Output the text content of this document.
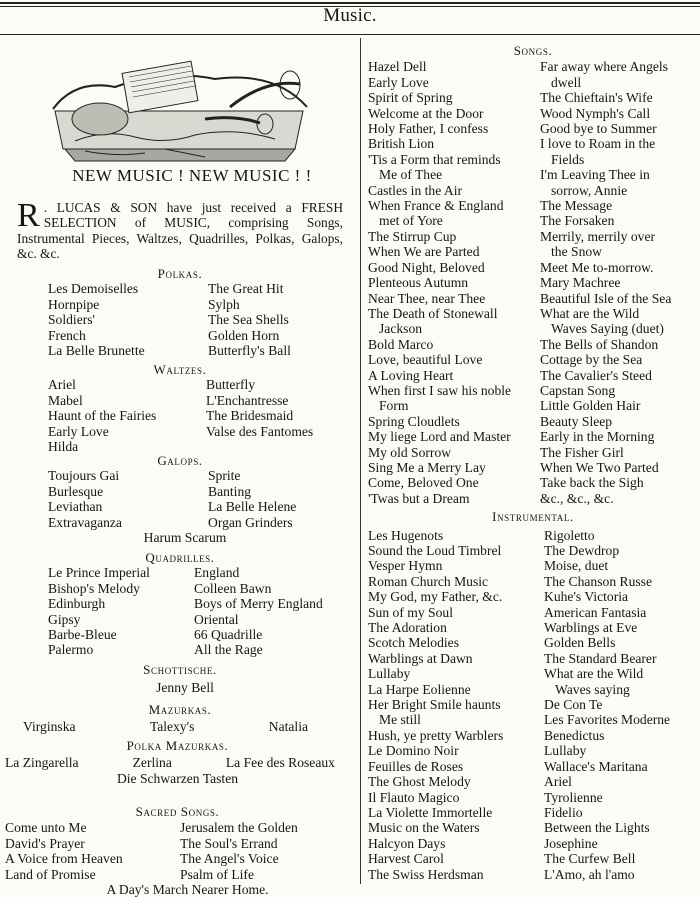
Music.
NEW MUSIC ! NEW MUSIC ! !
R . LUCAS & SON have just received a FRESH SELECTION of MUSIC, comprising Songs, Instrumental Pieces, Waltzes, Quadrilles, Polkas, Galops, &c. &c.
Polkas.
Les Demoiselles	The Great Hit
Hornpipe	Sylph
Soldiers'	The Sea Shells
French	Golden Horn
La Belle Brunette	Butterfly's Ball
Waltzes.
Ariel	Butterfly
Mabel	L'Enchantresse
Haunt of the Fairies	The Bridesmaid
Early Love	Valse des Fantomes
Hilda
Galops.
Toujours Gai	Sprite
Burlesque	Banting
Leviathan	La Belle Helene
Extravaganza	Organ Grinders
Harum Scarum
Quadrilles.
Le Prince Imperial	England
Bishop's Melody	Colleen Bawn
Edinburgh	Boys of Merry England
Gipsy	Oriental
Barbe-Bleue	66 Quadrille
Palermo	All the Rage
Schottische.
Jenny Bell
Mazurkas.
Virginska	Talexy's	Natalia
Polka Mazurkas.
La Zingarella	Zerlina	La Fee des Roseaux
Die Schwarzen Tasten
Sacred Songs.
Come unto Me	Jerusalem the Golden
David's Prayer	The Soul's Errand
A Voice from Heaven	The Angel's Voice
Land of Promise	Psalm of Life
A Day's March Nearer Home.
Songs.
Hazel Dell
Early Love
Spirit of Spring
Welcome at the Door
Holy Father, I confess
British Lion
'Tis a Form that reminds
Me of Thee
Castles in the Air
When France & England
met of Yore
The Stirrup Cup
When We are Parted
Good Night, Beloved
Plenteous Autumn
Near Thee, near Thee
The Death of Stonewall
Jackson
Bold Marco
Love, beautiful Love
A Loving Heart
When first I saw his noble
Form
Spring Cloudlets
My liege Lord and Master
My old Sorrow
Sing Me a Merry Lay
Come, Beloved One
'Twas but a Dream
Far away where Angels
dwell
The Chieftain's Wife
Wood Nymph's Call
Good bye to Summer
I love to Roam in the
Fields
I'm Leaving Thee in
sorrow, Annie
The Message
The Forsaken
Merrily, merrily over
the Snow
Meet Me to-morrow.
Mary Machree
Beautiful Isle of the Sea
What are the Wild
Waves Saying (duet)
The Bells of Shandon
Cottage by the Sea
The Cavalier's Steed
Capstan Song
Little Golden Hair
Beauty Sleep
Early in the Morning
The Fisher Girl
When We Two Parted
Take back the Sigh
&c., &c., &c.
Instrumental.
Les Hugenots
Sound the Loud Timbrel
Vesper Hymn
Roman Church Music
My God, my Father, &c.
Sun of my Soul
The Adoration
Scotch Melodies
Warblings at Dawn
Lullaby
La Harpe Eolienne
Her Bright Smile haunts
Me still
Hush, ye pretty Warblers
Le Domino Noir
Feuilles de Roses
The Ghost Melody
Il Flauto Magico
La Violette Immortelle
Music on the Waters
Halcyon Days
Harvest Carol
The Swiss Herdsman
Rigoletto
The Dewdrop
Moise, duet
The Chanson Russe
Kuhe's Victoria
American Fantasia
Warblings at Eve
Golden Bells
The Standard Bearer
What are the Wild
Waves saying
De Con Te
Les Favorites Moderne
Benedictus
Lullaby
Wallace's Maritana
Ariel
Tyrolienne
Fidelio
Between the Lights
Josephine
The Curfew Bell
L'Amo, ah l'amo
